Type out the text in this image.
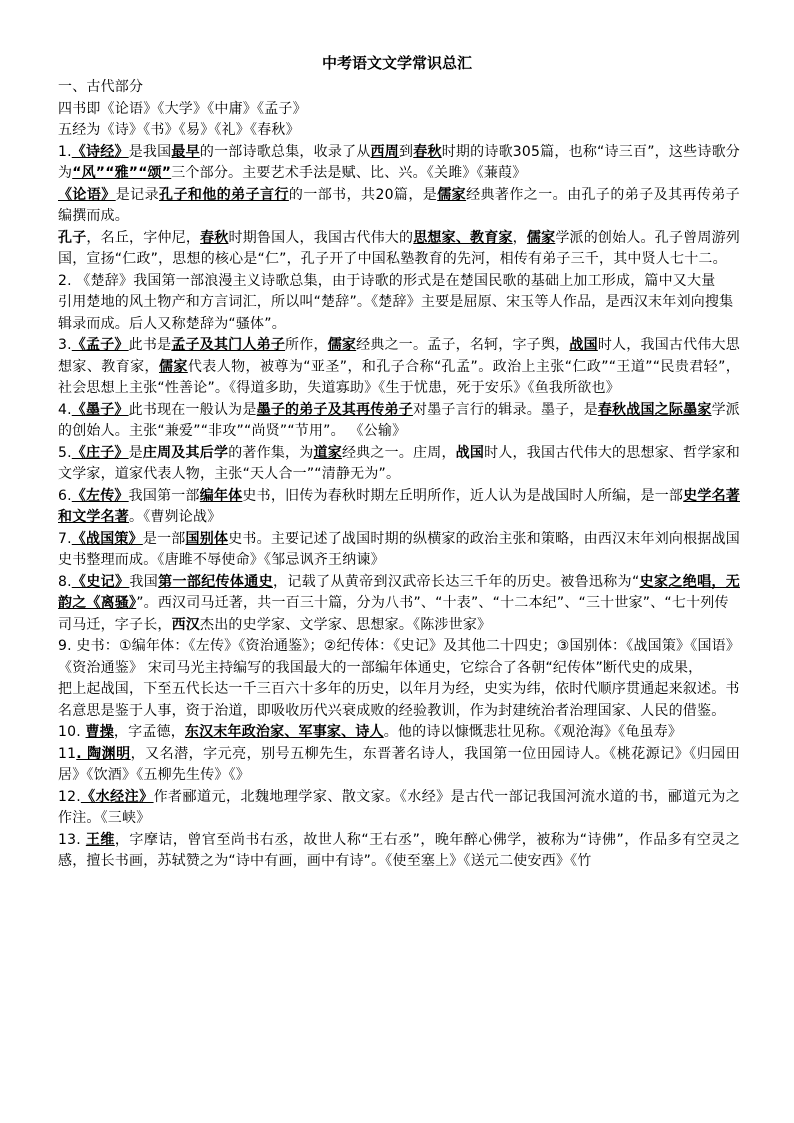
中考语文文学常识总汇

一、古代部分

四书即《论语》《大学》《中庸》《孟子》

五经为《诗》《书》《易》《礼》《春秋》

1.《诗经》是我国最早的一部诗歌总集，收录了从西周到春秋时期的诗歌305篇，也称“诗三百”，这些诗歌分为“风”“雅”“颂”三个部分。主要艺术手法是赋、比、兴。《关雎》《蒹葭》

《论语》是记录孔子和他的弟子言行的一部书，共20篇，是儒家经典著作之一。由孔子的弟子及其再传弟子编撰而成。

孔子，名丘，字仲尼，春秋时期鲁国人，我国古代伟大的思想家、教育家，儒家学派的创始人。孔子曾周游列国，宣扬“仁政”，思想的核心是“仁”，孔子开了中国私塾教育的先河，相传有弟子三千，其中贤人七十二。

2. 《楚辞》我国第一部浪漫主义诗歌总集，由于诗歌的形式是在楚国民歌的基础上加工形成，篇中又大量

引用楚地的风土物产和方言词汇，所以叫“楚辞”。《楚辞》主要是屈原、宋玉等人作品，是西汉末年刘向搜集

辑录而成。后人又称楚辞为“骚体”。

3.《孟子》此书是孟子及其门人弟子所作，儒家经典之一。孟子，名轲，字子舆，战国时人，我国古代伟大思想家、教育家，儒家代表人物，被尊为“亚圣”，和孔子合称“孔孟”。政治上主张“仁政”“王道”“民贵君轻”，社会思想上主张“性善论”。《得道多助，失道寡助》《生于忧患，死于安乐》《鱼我所欲也》

4.《墨子》此书现在一般认为是墨子的弟子及其再传弟子对墨子言行的辑录。墨子，是春秋战国之际墨家学派的创始人。主张“兼爱”“非攻”“尚贤”“节用”。 《公输》

5.《庄子》是庄周及其后学的著作集，为道家经典之一。庄周，战国时人，我国古代伟大的思想家、哲学家和文学家，道家代表人物，主张“天人合一”“清静无为”。

6.《左传》我国第一部编年体史书，旧传为春秋时期左丘明所作，近人认为是战国时人所编，是一部史学名著和文学名著。《曹刿论战》

7.《战国策》是一部国别体史书。主要记述了战国时期的纵横家的政治主张和策略，由西汉末年刘向根据战国史书整理而成。《唐雎不辱使命》《邹忌讽齐王纳谏》

8.《史记》我国第一部纪传体通史，记载了从黄帝到汉武帝长达三千年的历史。被鲁迅称为“史家之绝唱，无韵之《离骚》”。西汉司马迁著，共一百三十篇，分为八书”、“十表”、“十二本纪”、“三十世家”、“七十列传

司马迁，字子长，西汉杰出的史学家、文学家、思想家。《陈涉世家》

9. 史书：①编年体：《左传》《资治通鉴》；②纪传体：《史记》及其他二十四史；③国别体：《战国策》《国语》

《资治通鉴》 宋司马光主持编写的我国最大的一部编年体通史，它综合了各朝“纪传体”断代史的成果，

把上起战国，下至五代长达一千三百六十多年的历史，以年月为经，史实为纬，依时代顺序贯通起来叙述。书

名意思是鉴于人事，资于治道，即吸收历代兴衰成败的经验教训，作为封建统治者治理国家、人民的借鉴。

10. 曹操，字孟德，东汉末年政治家、军事家、诗人。他的诗以慷慨悲壮见称。《观沧海》《龟虽寿》

11. 陶渊明，又名潜，字元亮，别号五柳先生，东晋著名诗人，我国第一位田园诗人。《桃花源记》《归园田居》《饮酒》《五柳先生传》《》

12.《水经注》作者郦道元，北魏地理学家、散文家。《水经》是古代一部记我国河流水道的书，郦道元为之作注。《三峡》

13. 王维，字摩诘，曾官至尚书右丞，故世人称“王右丞”，晚年醉心佛学，被称为“诗佛”，作品多有空灵之感，擅长书画，苏轼赞之为“诗中有画，画中有诗”。《使至塞上》《送元二使安西》《竹
